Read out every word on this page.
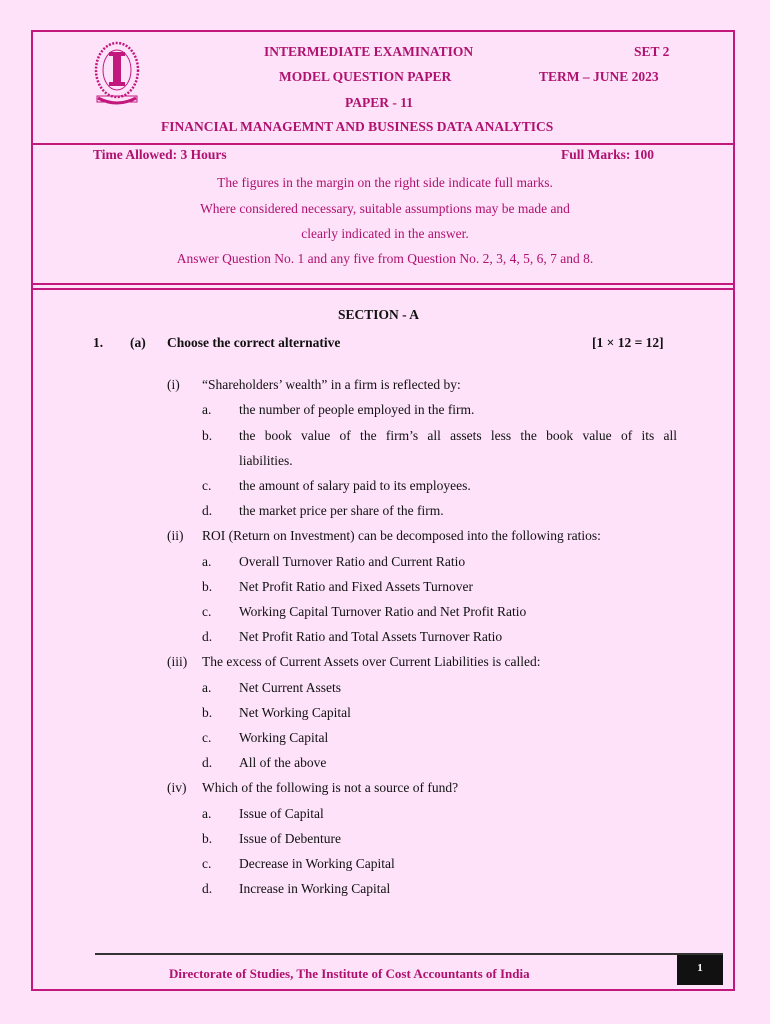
INTERMEDIATE EXAMINATION	SET 2
MODEL QUESTION PAPER	TERM – JUNE 2023
PAPER - 11
FINANCIAL MANAGEMNT AND BUSINESS DATA ANALYTICS
Time Allowed: 3 Hours	Full Marks: 100
The figures in the margin on the right side indicate full marks.
Where considered necessary, suitable assumptions may be made and
clearly indicated in the answer.
Answer Question No. 1 and any five from Question No. 2, 3, 4, 5, 6, 7 and 8.
SECTION - A
1. (a) Choose the correct alternative	[1 × 12 = 12]
(i) “Shareholders’ wealth” in a firm is reflected by:
a. the number of people employed in the firm.
b. the book value of the firm’s all assets less the book value of its all
liabilities.
c. the amount of salary paid to its employees.
d. the market price per share of the firm.
(ii) ROI (Return on Investment) can be decomposed into the following ratios:
a. Overall Turnover Ratio and Current Ratio
b. Net Profit Ratio and Fixed Assets Turnover
c. Working Capital Turnover Ratio and Net Profit Ratio
d. Net Profit Ratio and Total Assets Turnover Ratio
(iii) The excess of Current Assets over Current Liabilities is called:
a. Net Current Assets
b. Net Working Capital
c. Working Capital
d. All of the above
(iv) Which of the following is not a source of fund?
a. Issue of Capital
b. Issue of Debenture
c. Decrease in Working Capital
d. Increase in Working Capital
Directorate of Studies, The Institute of Cost Accountants of India	1
